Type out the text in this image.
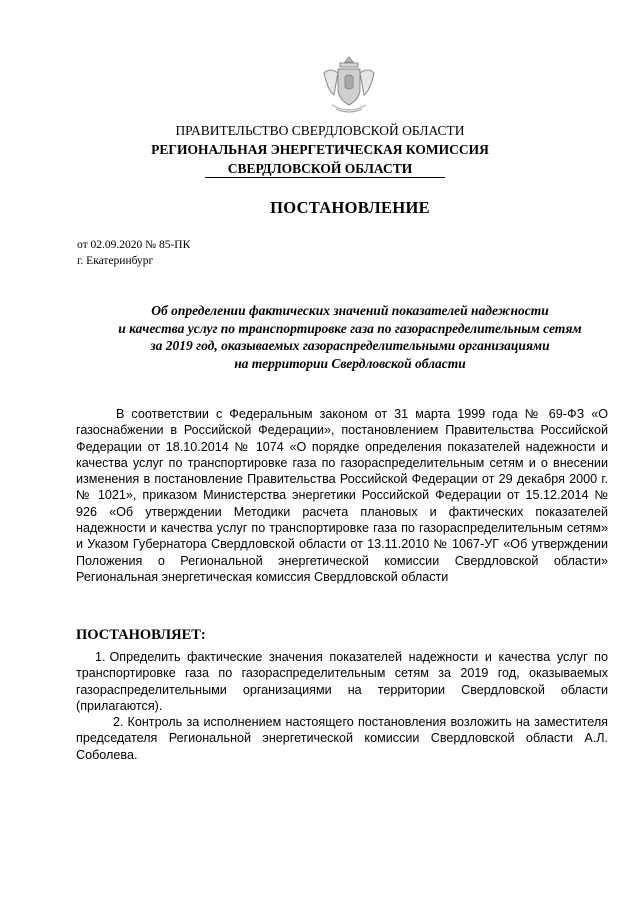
ПРАВИТЕЛЬСТВО СВЕРДЛОВСКОЙ ОБЛАСТИ
РЕГИОНАЛЬНАЯ ЭНЕРГЕТИЧЕСКАЯ КОМИССИЯ
СВЕРДЛОВСКОЙ ОБЛАСТИ
ПОСТАНОВЛЕНИЕ
от 02.09.2020 № 85-ПК
г. Екатеринбург
Об определении фактических значений показателей надежности
и качества услуг по транспортировке газа по газораспределительным сетям
за 2019 год, оказываемых газораспределительными организациями
на территории Свердловской области

В соответствии с Федеральным законом от 31 марта 1999 года № 69-ФЗ «О газоснабжении в Российской Федерации», постановлением Правительства Российской Федерации от 18.10.2014 № 1074 «О порядке определения показателей надежности и качества услуг по транспортировке газа по газораспределительным сетям и о внесении изменения в постановление Правительства Российской Федерации от 29 декабря 2000 г. № 1021», приказом Министерства энергетики Российской Федерации от 15.12.2014 № 926 «Об утверждении Методики расчета плановых и фактических показателей надежности и качества услуг по транспортировке газа по газораспределительным сетям» и Указом Губернатора Свердловской области от 13.11.2010 № 1067-УГ «Об утверждении Положения о Региональной энергетической комиссии Свердловской области» Региональная энергетическая комиссия Свердловской области

ПОСТАНОВЛЯЕТ:

1. Определить фактические значения показателей надежности и качества услуг по транспортировке газа по газораспределительным сетям за 2019 год, оказываемых газораспределительными организациями на территории Свердловской области (прилагаются).

2. Контроль за исполнением настоящего постановления возложить на заместителя председателя Региональной энергетической комиссии Свердловской области А.Л. Соболева.
